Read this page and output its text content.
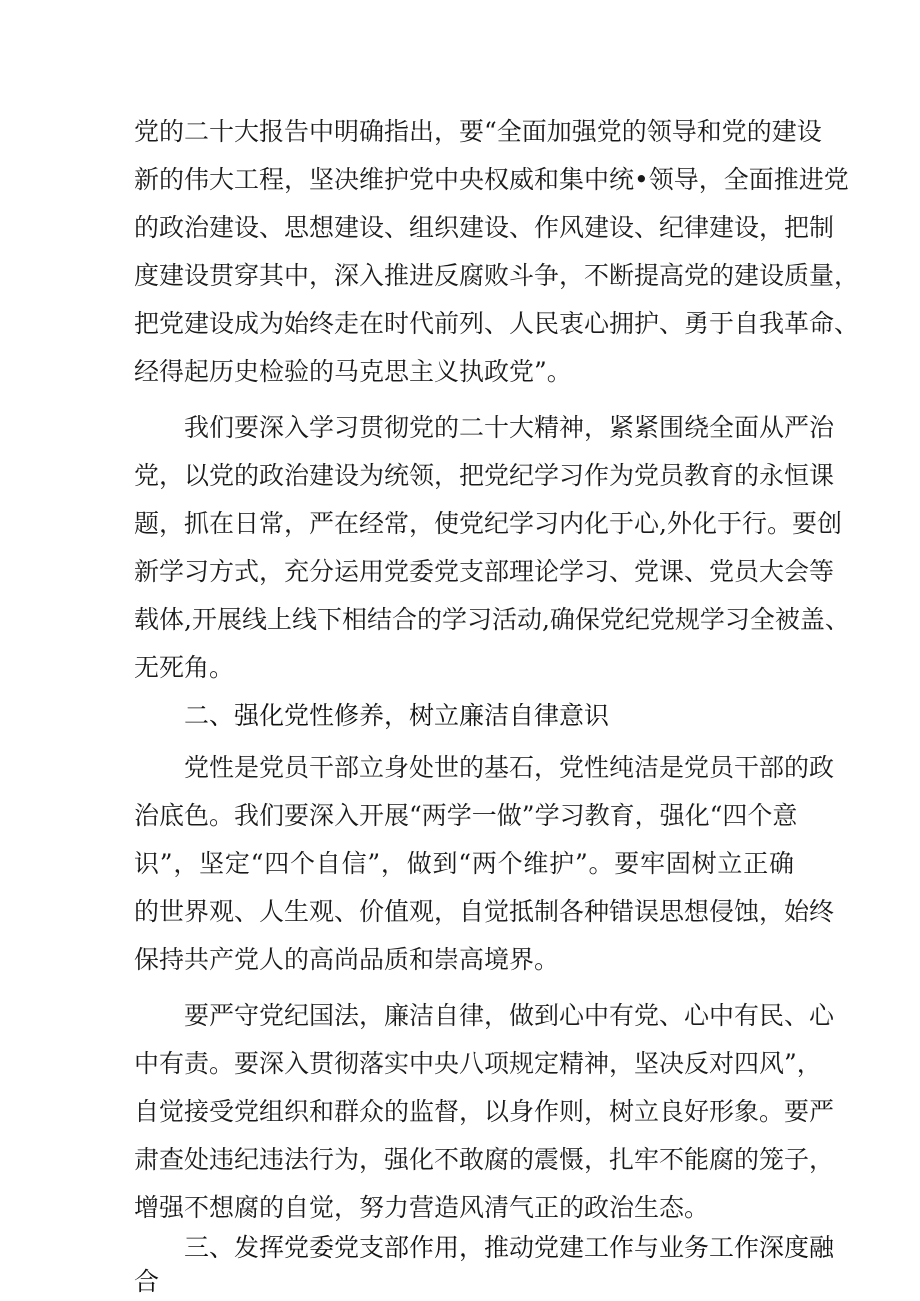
党的二十大报告中明确指出，要“全面加强党的领导和党的建设
新的伟大工程，坚决维护党中央权威和集中统•领导，全面推进党
的政治建设、思想建设、组织建设、作风建设、纪律建设，把制
度建设贯穿其中，深入推进反腐败斗争，不断提高党的建设质量，
把党建设成为始终走在时代前列、人民衷心拥护、勇于自我革命、
经得起历史检验的马克思主义执政党”。
我们要深入学习贯彻党的二十大精神，紧紧围绕全面从严治
党，以党的政治建设为统领，把党纪学习作为党员教育的永恒课
题，抓在日常，严在经常，使党纪学习内化于心,外化于行。要创
新学习方式，充分运用党委党支部理论学习、党课、党员大会等
载体,开展线上线下相结合的学习活动,确保党纪党规学习全被盖、
无死角。
二、强化党性修养，树立廉洁自律意识
党性是党员干部立身处世的基石，党性纯洁是党员干部的政
治底色。我们要深入开展“两学一做”学习教育，强化“四个意
识”，坚定“四个自信”，做到“两个维护”。要牢固树立正确
的世界观、人生观、价值观，自觉抵制各种错误思想侵蚀，始终
保持共产党人的高尚品质和崇高境界。
要严守党纪国法，廉洁自律，做到心中有党、心中有民、心
中有责。要深入贯彻落实中央八项规定精神，坚决反对四风”，
自觉接受党组织和群众的监督，以身作则，树立良好形象。要严
肃查处违纪违法行为，强化不敢腐的震慑，扎牢不能腐的笼子，
增强不想腐的自觉，努力营造风清气正的政治生态。
三、发挥党委党支部作用，推动党建工作与业务工作深度融
合
